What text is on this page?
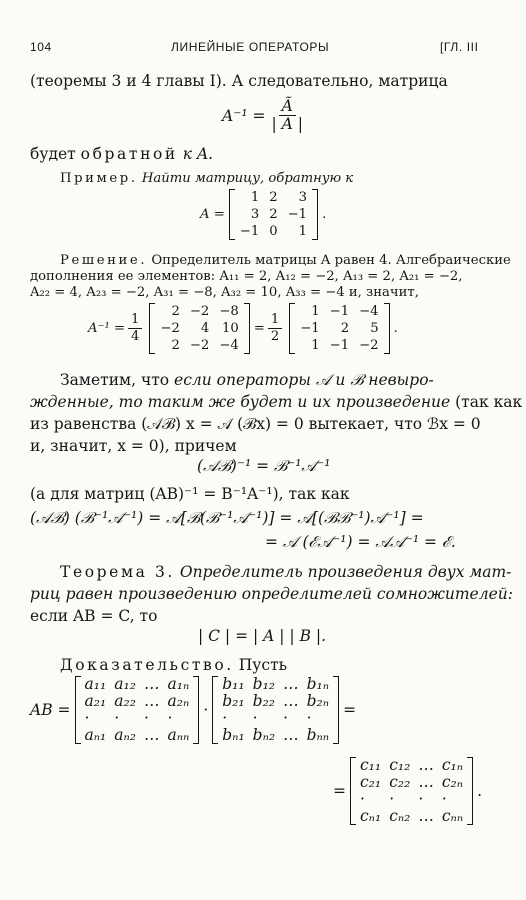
104	ЛИНЕЙНЫЕ ОПЕРАТОРЫ	[ГЛ. III
(теоремы 3 и 4 главы I). А следовательно, матрица
$A^{-1} = \frac{Ã}{| A |}$
будет обратной к A.
Пример. Найти матрицу, обратную к
A =
1	2	3
3	2	−1
−1	0	1
.
Решение. Определитель матрицы A равен 4. Алгебраические
дополнения ее элементов: A₁₁ = 2, A₁₂ = −2, A₁₃ = 2, A₂₁ = −2,
A₂₂ = 4, A₂₃ = −2, A₃₁ = −8, A₃₂ = 10, A₃₃ = −4 и, значит,
$A^{-1} = \frac{1}{4}$
2	−2	−8
−2	4	10
2	−2	−4
= $\frac{1}{2}$
1	−1	−4
−1	2	5
1	−1	−2
.
Заметим, что если операторы 𝒜 и ℬ невыро-
жденные, то таким же будет и их произведение (так как
из равенства (𝒜ℬ) x = 𝒜 (ℬx) = 0 вытекает, что ℬx = 0
и, значит, x = 0), причем
(𝒜ℬ)⁻¹ = ℬ⁻¹𝒜⁻¹
(а для матриц (AB)⁻¹ = B⁻¹A⁻¹), так как
(𝒜ℬ) (ℬ⁻¹𝒜⁻¹) = 𝒜[ℬ(ℬ⁻¹𝒜⁻¹)] = 𝒜[(ℬℬ⁻¹)𝒜⁻¹] =
= 𝒜 (ℰ𝒜⁻¹) = 𝒜𝒜⁻¹ = ℰ.
Теорема 3. Определитель произведения двух мат-
риц равен произведению определителей сомножителей:
если AB = C, то
| C | = | A | | B |.
Доказательство. Пусть
AB =
a₁₁	a₁₂	…	a₁ₙ
a₂₁	a₂₂	…	a₂ₙ
·	·	·	·
aₙ₁	aₙ₂	…	aₙₙ
·
b₁₁	b₁₂	…	b₁ₙ
b₂₁	b₂₂	…	b₂ₙ
·	·	·	·
bₙ₁	bₙ₂	…	bₙₙ
=
=
c₁₁	c₁₂	…	c₁ₙ
c₂₁	c₂₂	…	c₂ₙ
·	·	·	·
cₙ₁	cₙ₂	…	cₙₙ
.
